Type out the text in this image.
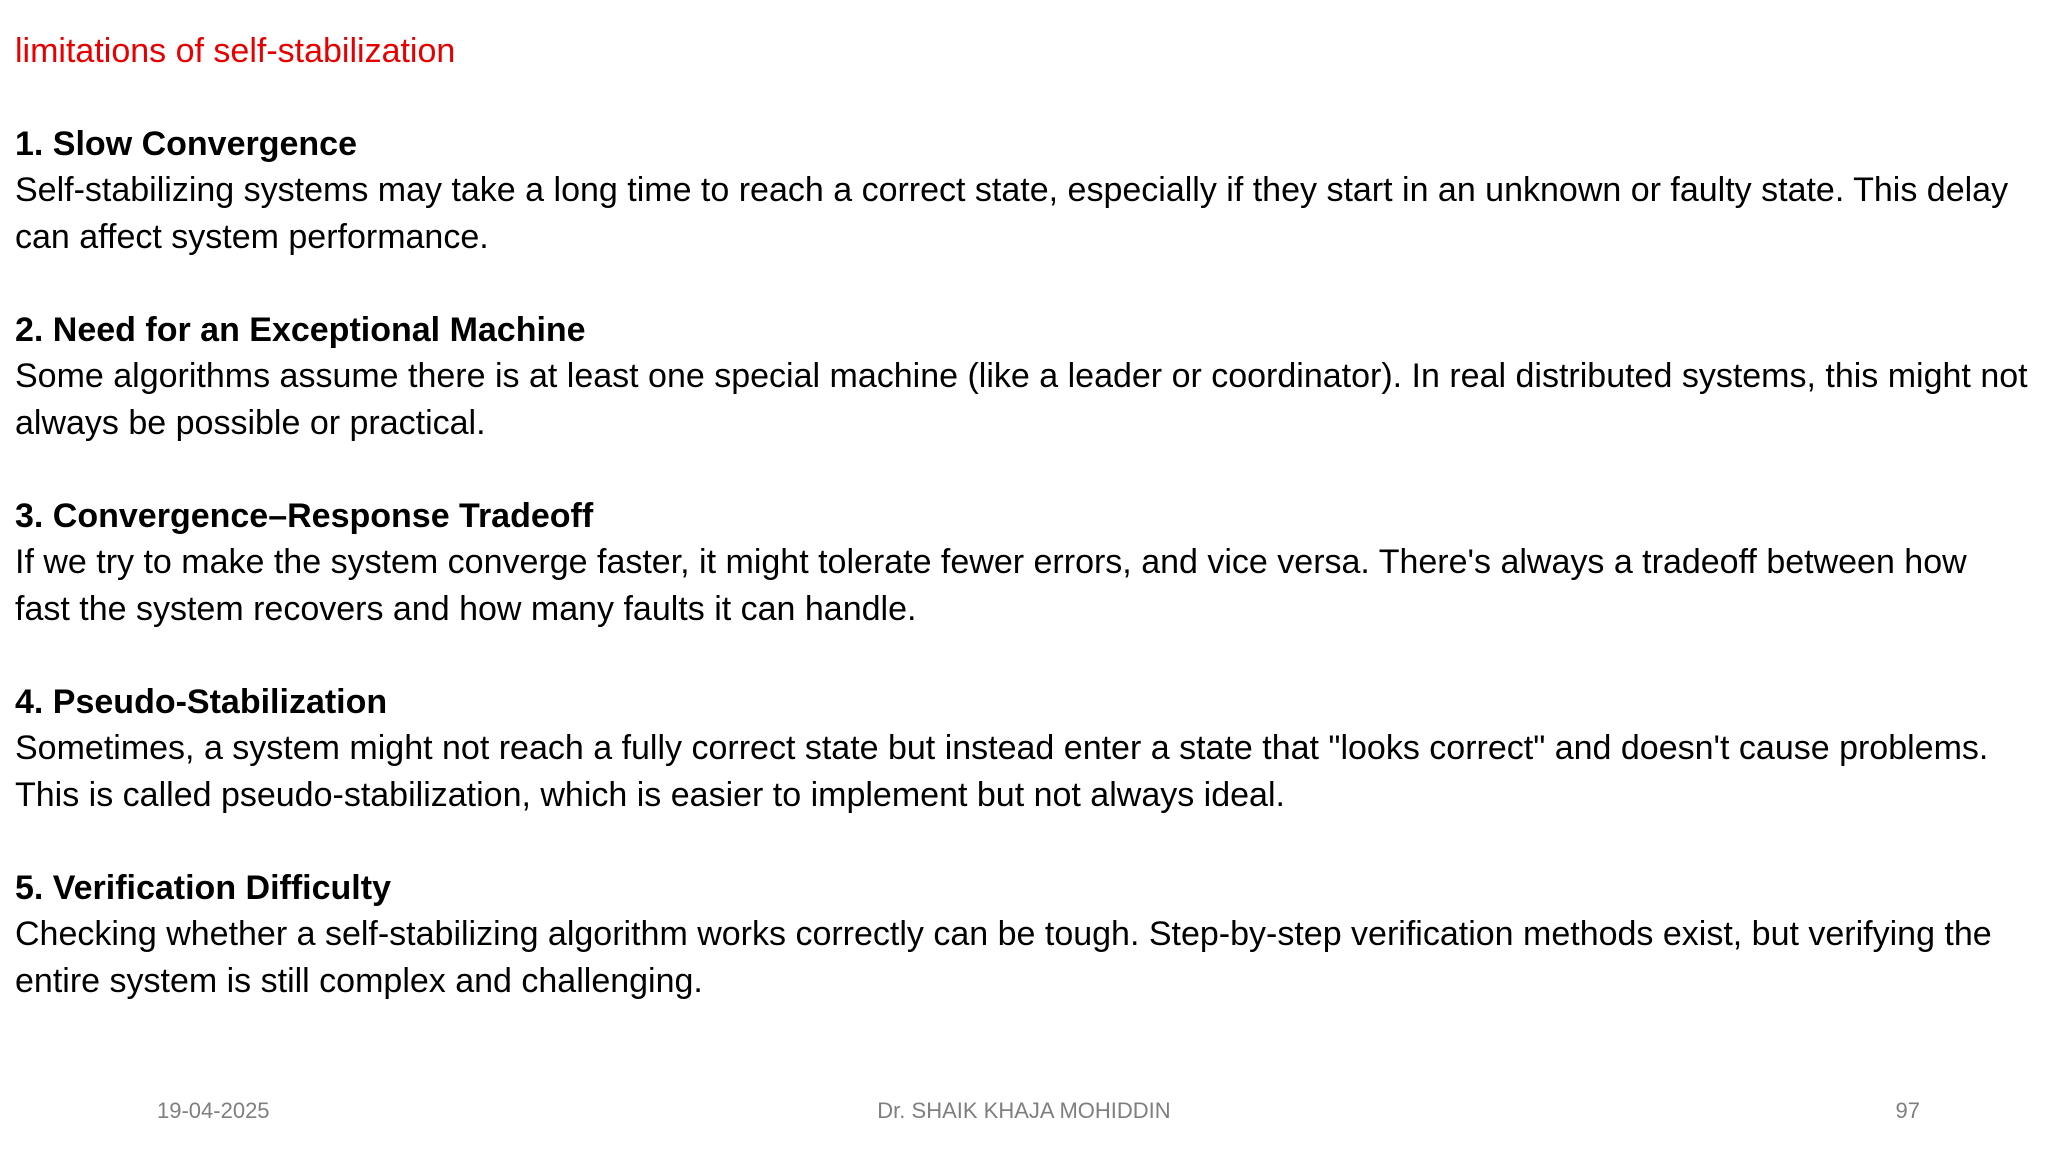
limitations of self-stabilization

1. Slow Convergence

Self-stabilizing systems may take a long time to reach a correct state, especially if they start in an unknown or faulty state. This delay can affect system performance.

2. Need for an Exceptional Machine

Some algorithms assume there is at least one special machine (like a leader or coordinator). In real distributed systems, this might not always be possible or practical.

3. Convergence–Response Tradeoff

If we try to make the system converge faster, it might tolerate fewer errors, and vice versa. There's always a tradeoff between how fast the system recovers and how many faults it can handle.

4. Pseudo-Stabilization

Sometimes, a system might not reach a fully correct state but instead enter a state that "looks correct" and doesn't cause problems. This is called pseudo-stabilization, which is easier to implement but not always ideal.

5. Verification Difficulty

Checking whether a self-stabilizing algorithm works correctly can be tough. Step-by-step verification methods exist, but verifying the entire system is still complex and challenging.

19-04-2025	Dr. SHAIK KHAJA MOHIDDIN	97
